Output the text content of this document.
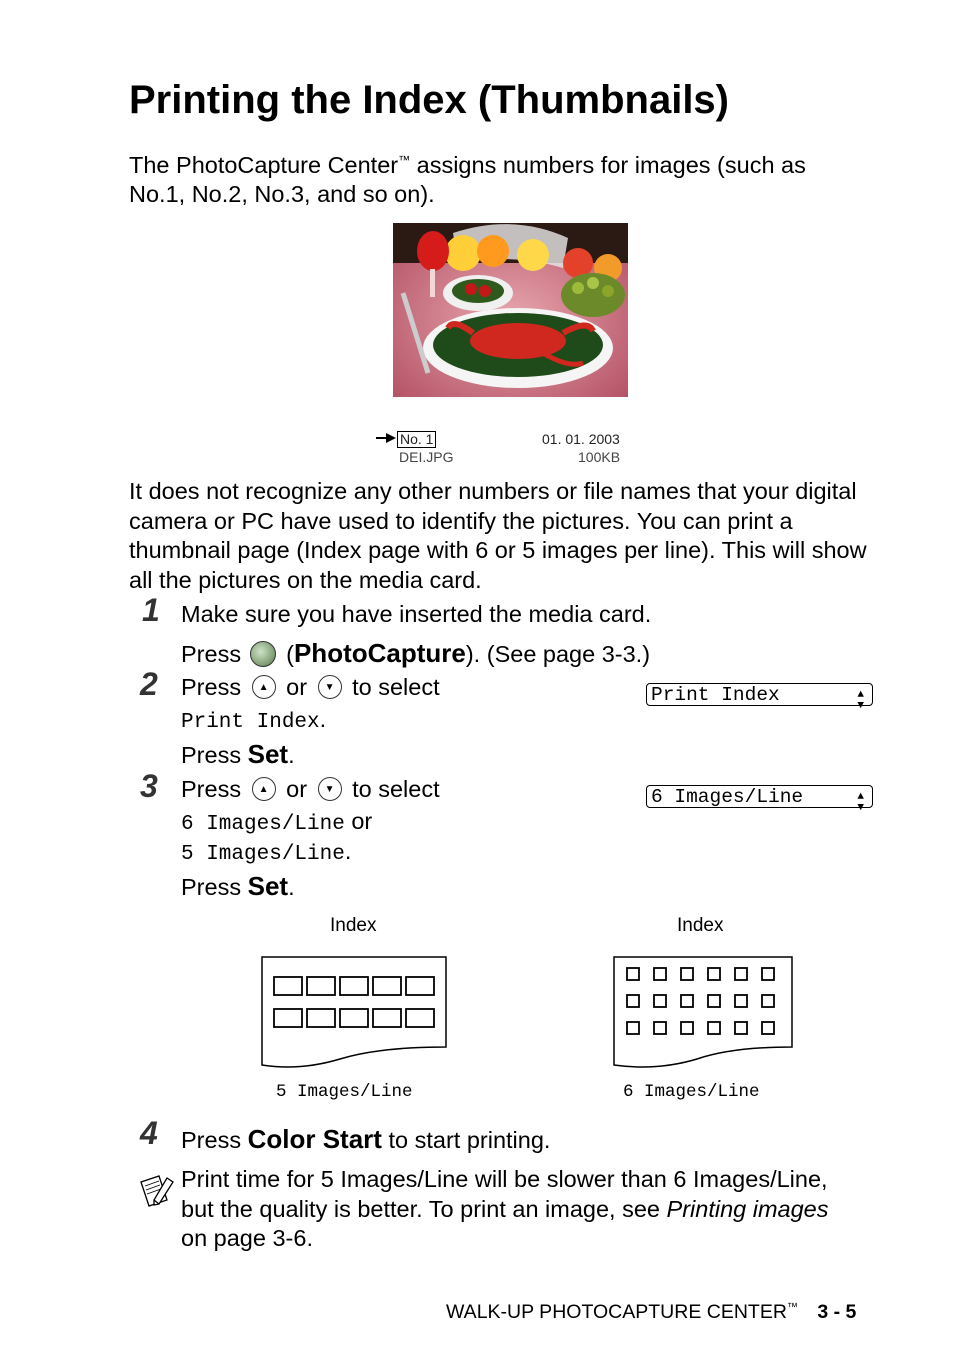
Printing the Index (Thumbnails)
The PhotoCapture Center™ assigns numbers for images (such as
No.1, No.2, No.3, and so on).
No. 1	01. 01. 2003
DEI.JPG	100KB
It does not recognize any other numbers or file names that your digital camera or PC have used to identify the pictures. You can print a thumbnail page (Index page with 6 or 5 images per line). This will show all the pictures on the media card.
1 Make sure you have inserted the media card.
Press (PhotoCapture). (See page 3-3.)
2 Press ▲ or ▼ to select
Print Index.
Press Set.
Print Index	▲
▼
3 Press ▲ or ▼ to select
6 Images/Line or
5 Images/Line.
Press Set.
6 Images/Line	▲
▼
Index	Index
5 Images/Line	6 Images/Line
4 Press Color Start to start printing.
Print time for 5 Images/Line will be slower than 6 Images/Line,
but the quality is better. To print an image, see Printing images
on page 3-6.
WALK-UP PHOTOCAPTURE CENTER™ 3 - 5
